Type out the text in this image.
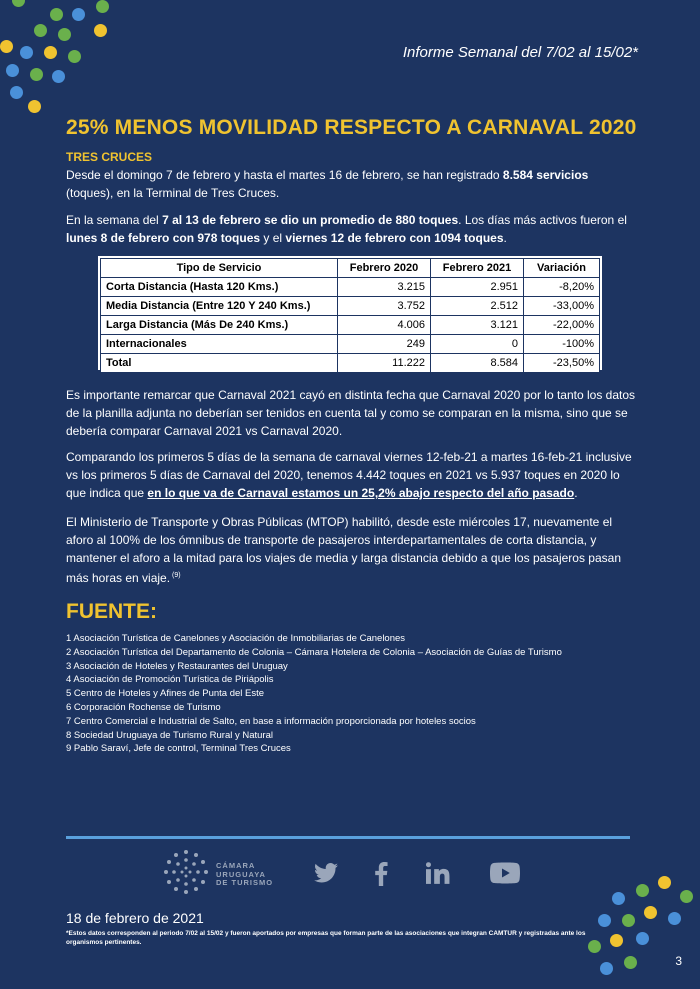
Informe Semanal del 7/02 al 15/02*
25% MENOS MOVILIDAD RESPECTO A CARNAVAL 2020
TRES CRUCES

Desde el domingo 7 de febrero y hasta el martes 16 de febrero, se han registrado 8.584 servicios (toques), en la Terminal de Tres Cruces.

En la semana del 7 al 13 de febrero se dio un promedio de 880 toques. Los días más activos fueron el lunes 8 de febrero con 978 toques y el viernes 12 de febrero con 1094 toques.

Tipo de Servicio	Febrero 2020	Febrero 2021	Variación
Corta Distancia (Hasta 120 Kms.)	3.215	2.951	-8,20%
Media Distancia (Entre 120 Y 240 Kms.)	3.752	2.512	-33,00%
Larga Distancia (Más De 240 Kms.)	4.006	3.121	-22,00%
Internacionales	249	0	-100%
Total	11.222	8.584	-23,50%

Es importante remarcar que Carnaval 2021 cayó en distinta fecha que Carnaval 2020 por lo tanto los datos de la planilla adjunta no deberían ser tenidos en cuenta tal y como se comparan en la misma, sino que se debería comparar Carnaval 2021 vs Carnaval 2020.

Comparando los primeros 5 días de la semana de carnaval viernes 12-feb-21 a martes 16-feb-21 inclusive vs los primeros 5 días de Carnaval del 2020, tenemos 4.442 toques en 2021 vs 5.937 toques en 2020 lo que indica que en lo que va de Carnaval estamos un 25,2% abajo respecto del año pasado.

El Ministerio de Transporte y Obras Públicas (MTOP) habilitó, desde este miércoles 17, nuevamente el aforo al 100% de los ómnibus de transporte de pasajeros interdepartamentales de corta distancia, y mantener el aforo a la mitad para los viajes de media y larga distancia debido a que los pasajeros pasan más horas en viaje. $^{(9)}$

FUENTE:
1 Asociación Turística de Canelones y Asociación de Inmobiliarias de Canelones
2 Asociación Turística del Departamento de Colonia – Cámara Hotelera de Colonia – Asociación de Guías de Turismo
3 Asociación de Hoteles y Restaurantes del Uruguay
4 Asociación de Promoción Turística de Piriápolis
5 Centro de Hoteles y Afines de Punta del Este
6 Corporación Rochense de Turismo
7 Centro Comercial e Industrial de Salto, en base a información proporcionada por hoteles socios
8 Sociedad Uruguaya de Turismo Rural y Natural
9 Pablo Saraví, Jefe de control, Terminal Tres Cruces
CÁMARA
URUGUAYA
DE TURISMO
18 de febrero de 2021
*Estos datos corresponden al periodo 7/02 al 15/02 y fueron aportados por empresas que forman parte de las asociaciones que integran CAMTUR y registradas ante los organismos pertinentes.
3
